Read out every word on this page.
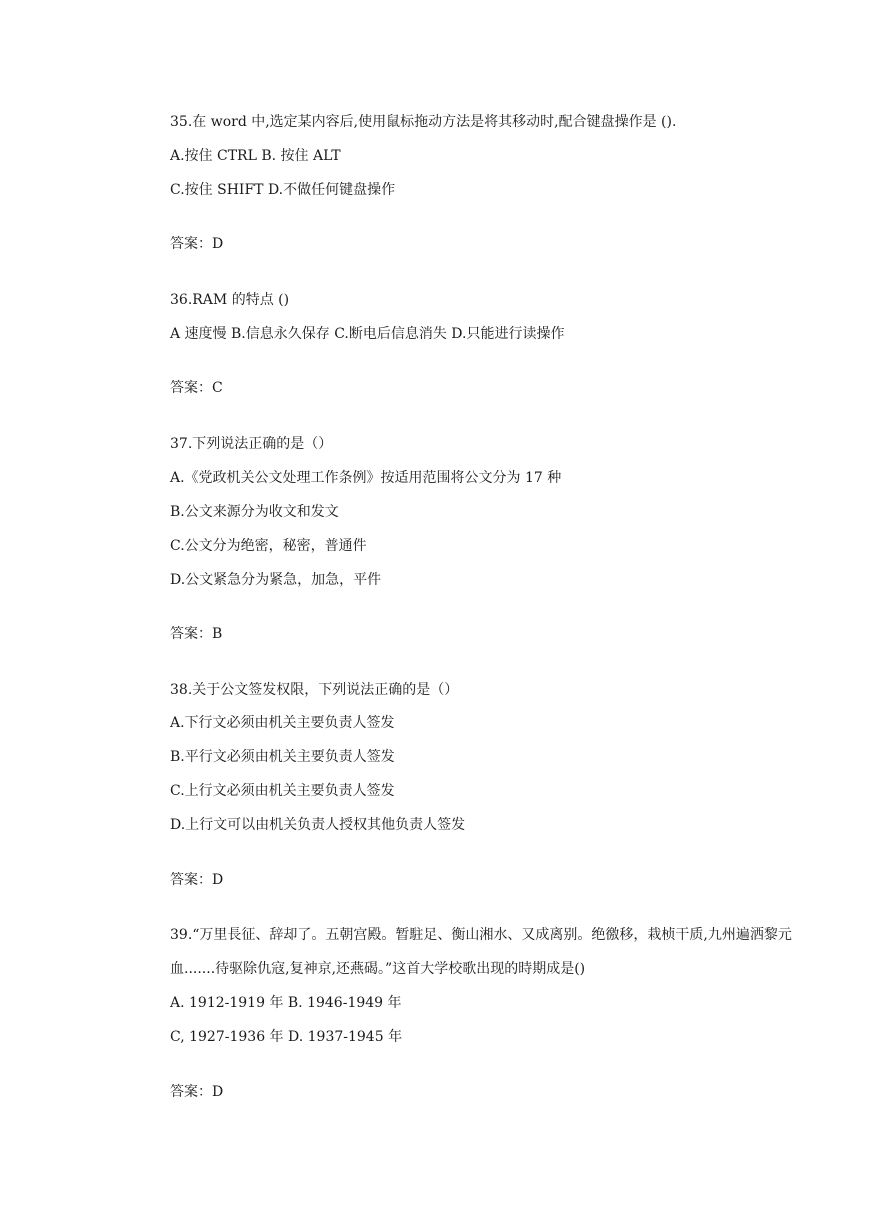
35.在 word 中,选定某内容后,使用鼠标拖动方法是将其移动时,配合键盘操作是 ().
A.按住 CTRL B. 按住 ALT
C.按住 SHIFT D.不做任何键盘操作
答案：D
36.RAM 的特点 ()
A 速度慢 B.信息永久保存 C.断电后信息消失 D.只能进行读操作
答案：C
37.下列说法正确的是（）
A.《党政机关公文处理工作条例》按适用范围将公文分为 17 种
B.公文来源分为收文和发文
C.公文分为绝密，秘密，普通件
D.公文紧急分为紧急，加急，平件
答案：B
38.关于公文签发权限，下列说法正确的是（）
A.下行文必须由机关主要负责人签发
B.平行文必须由机关主要负责人签发
C.上行文必须由机关主要负责人签发
D.上行文可以由机关负责人授权其他负责人签发
答案：D
39.“万里長征、辞却了。五朝宫殿。暂駐足、衡山湘水、又成离别。绝徼移，栽桢干质,九州遍洒黎元血.......待驱除仇寇,复神京,还燕碣。”这首大学校歌出现的時期成是()
A. 1912-1919 年 B. 1946-1949 年
C, 1927-1936 年 D. 1937-1945 年
答案：D
